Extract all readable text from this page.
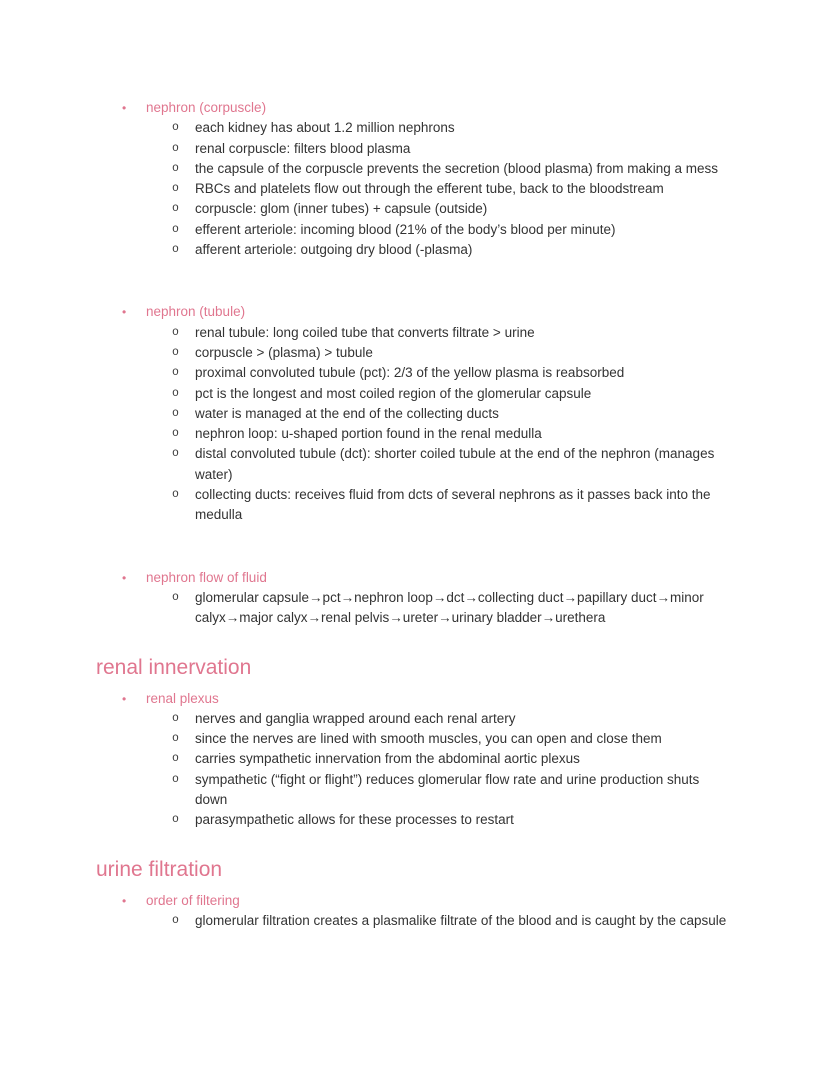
•	nephron (corpuscle)
o	each kidney has about 1.2 million nephrons
o	renal corpuscle: filters blood plasma
o	the capsule of the corpuscle prevents the secretion (blood plasma) from making a mess
o	RBCs and platelets flow out through the efferent tube, back to the bloodstream
o	corpuscle: glom (inner tubes) + capsule (outside)
o	efferent arteriole: incoming blood (21% of the body’s blood per minute)
o	afferent arteriole: outgoing dry blood (-plasma)
•	nephron (tubule)
o	renal tubule: long coiled tube that converts filtrate > urine
o	corpuscle > (plasma) > tubule
o	proximal convoluted tubule (pct): 2/3 of the yellow plasma is reabsorbed
o	pct is the longest and most coiled region of the glomerular capsule
o	water is managed at the end of the collecting ducts
o	nephron loop: u-shaped portion found in the renal medulla
o	distal convoluted tubule (dct): shorter coiled tubule at the end of the nephron (manages water)
o	collecting ducts: receives fluid from dcts of several nephrons as it passes back into the medulla
•	nephron flow of fluid
o	glomerular capsule→pct→nephron loop→dct→collecting duct→papillary duct→minor calyx→major calyx→renal pelvis→ureter→urinary bladder→urethera
renal innervation
•	renal plexus
o	nerves and ganglia wrapped around each renal artery
o	since the nerves are lined with smooth muscles, you can open and close them
o	carries sympathetic innervation from the abdominal aortic plexus
o	sympathetic (“fight or flight”) reduces glomerular flow rate and urine production shuts down
o	parasympathetic allows for these processes to restart
urine filtration
•	order of filtering
o	glomerular filtration creates a plasmalike filtrate of the blood and is caught by the capsule
